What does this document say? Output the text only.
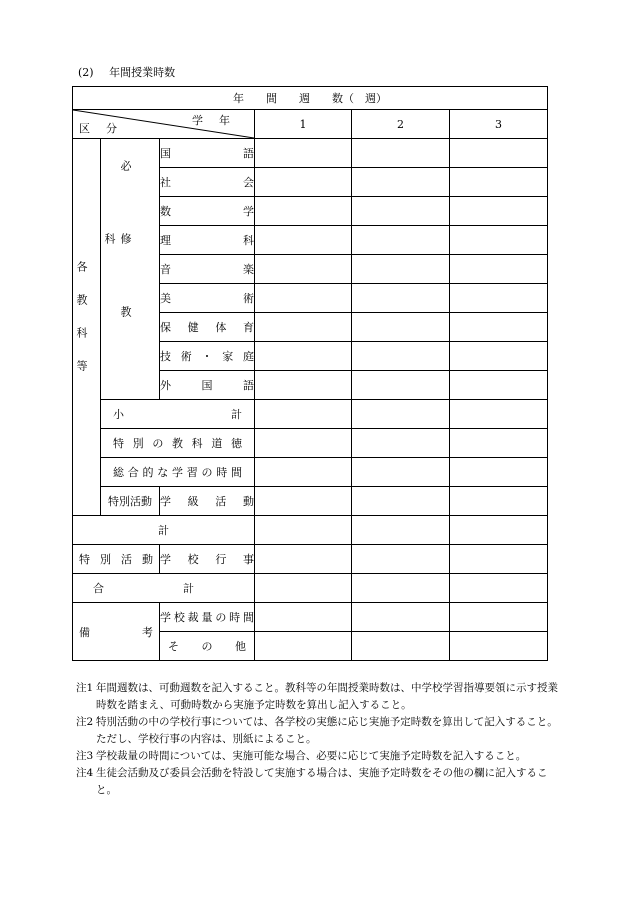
(2) 年間授業時数
年　　間　　週　　数（　週）					

学年
区分			1	2	3

各教科等	必修教科	国語			
		社会			
		数学			
		理科			
		音楽			
		美術			
		保健体育			
		技術・家庭			
		外国語			
	小計				
	特別の教科道徳				
	総合的な学習の時間				
	特別活動	学級活動			
計					
特別活動		学校行事			
合計					
備考		学校裁量の時間			
		その他			
注1 年間週数は、可動週数を記入すること。教科等の年間授業時数は、中学校学習指導要領に示す授業時数を踏まえ、可動時数から実施予定時数を算出し記入すること。
注2 特別活動の中の学校行事については、各学校の実態に応じ実施予定時数を算出して記入すること。ただし、学校行事の内容は、別紙によること。
注3 学校裁量の時間については、実施可能な場合、必要に応じて実施予定時数を記入すること。
注4 生徒会活動及び委員会活動を特設して実施する場合は、実施予定時数をその他の欄に記入すること。
